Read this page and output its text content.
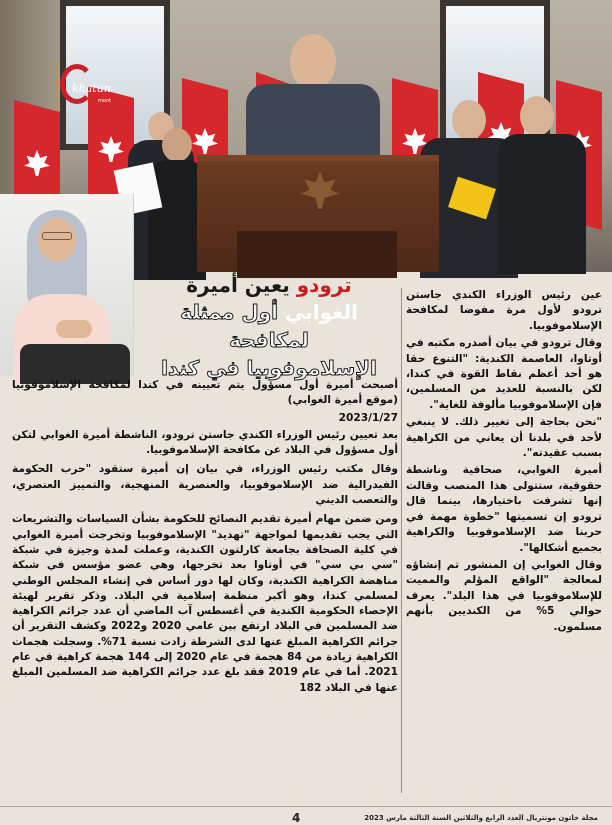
khatun
mont
ترودو يعين أميرة
الغوابي أول ممثلة لمكافحة
الإسلاموفوبيا في كندا

عين رئيس الوزراء الكندي جاستن ترودو لأول مرة مفوضا لمكافحة الإسلاموفوبيا.

وقال ترودو في بيان أصدره مكتبه في أوتاوا، العاصمة الكندية: "التنوع حقا هو أحد أعظم نقاط القوة في كندا، لكن بالنسبة للعديد من المسلمين، فإن الإسلاموفوبيا مألوفة للغاية".

"نحن بحاجة إلى تغيير ذلك. لا ينبغي لأحد في بلدنا أن يعاني من الكراهية بسبب عقيدته".

أميرة الغوابي، صحافية وناشطة حقوقية، ستتولى هذا المنصب وقالت إنها تشرفت باختيارها، بينما قال ترودو إن تسميتها "خطوة مهمة في حربنا ضد الإسلاموفوبيا والكراهية بجميع أشكالها".

وقال الغوابي إن المنشور تم إنشاؤه لمعالجة "الواقع المؤلم والمميت للإسلاموفوبيا في هذا البلد". يعرف حوالي 5% من الكنديين بأنهم مسلمون.

أصبحت أميرة أول مسؤول يتم تعيينه في كندا لمكافحة الإسلاموفوبيا (موقع أميرة الغوابي)

2023/1/27

بعد تعيين رئيس الوزراء الكندي جاستن ترودو، الناشطة أميرة الغوابي لتكن أول مسؤول في البلاد عن مكافحة الإسلاموفوبيا.

وقال مكتب رئيس الوزراء، في بيان إن أميرة ستقود "حرب الحكومة الفيدرالية ضد الإسلاموفوبيا، والعنصرية المنهجية، والتمييز العنصري، والتعصب الديني

ومن ضمن مهام أميرة تقديم النصائح للحكومة بشأن السياسات والتشريعات التي يجب تقديمها لمواجهة "تهديد" الإسلاموفوبيا وتخرجت أميرة الغوابي في كلية الصحافة بجامعة كارلتون الكندية، وعملت لمدة وجيزة في شبكة "سي بي سي" في أوتاوا بعد تخرجها، وهي عضو مؤسس في شبكة مناهضة الكراهية الكندية، وكان لها دور أساس في إنشاء المجلس الوطني لمسلمي كندا، وهو أكبر منظمة إسلامية في البلاد. وذكر تقرير لهيئة الإحصاء الحكومية الكندية في أغسطس آب الماضي أن عدد جرائم الكراهية ضد المسلمين في البلاد ارتفع بين عامي 2020 و2022 وكشف التقرير أن جرائم الكراهية المبلغ عنها لدى الشرطة زادت نسبة 71%. وسجلت هجمات الكراهية زيادة من 84 هجمة في عام 2020 إلى 144 هجمة كراهية في عام 2021. أما في عام 2019 فقد بلغ عدد جرائم الكراهية ضد المسلمين المبلغ عنها في البلاد 182

4	مجلة خاتون مونتريال العدد الرابع والثلاثين السنة الثالثة مارس 2023
